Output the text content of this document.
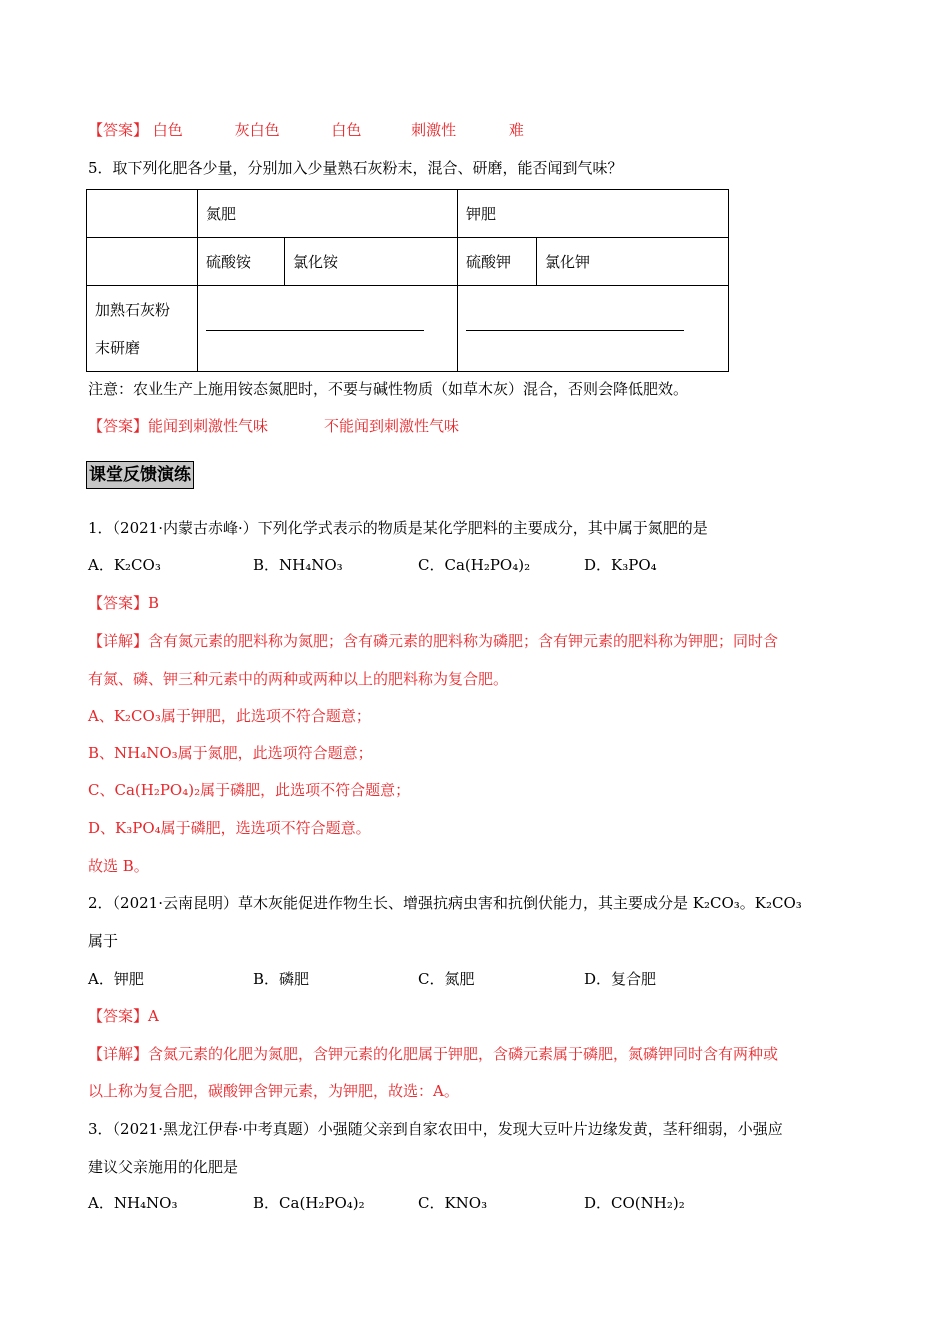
【答案】 白色	灰白色	白色	刺激性	难
5．取下列化肥各少量，分别加入少量熟石灰粉末，混合、研磨，能否闻到气味？
	氮肥		钾肥	
	硫酸铵	氯化铵	硫酸钾	氯化钾

加熟石灰粉
末研磨				

注意：农业生产上施用铵态氮肥时，不要与碱性物质（如草木灰）混合，否则会降低肥效。
【答案】能闻到刺激性气味	不能闻到刺激性气味
课堂反馈演练
1．（2021·内蒙古赤峰·）下列化学式表示的物质是某化学肥料的主要成分，其中属于氮肥的是
A．K₂CO₃	B．NH₄NO₃	C．Ca(H₂PO₄)₂	D．K₃PO₄
【答案】B
【详解】含有氮元素的肥料称为氮肥；含有磷元素的肥料称为磷肥；含有钾元素的肥料称为钾肥；同时含
有氮、磷、钾三种元素中的两种或两种以上的肥料称为复合肥。
A、K₂CO₃属于钾肥，此选项不符合题意；
B、NH₄NO₃属于氮肥，此选项符合题意；
C、Ca(H₂PO₄)₂属于磷肥，此选项不符合题意；
D、K₃PO₄属于磷肥，选选项不符合题意。
故选 B。
2．（2021·云南昆明）草木灰能促进作物生长、增强抗病虫害和抗倒伏能力，其主要成分是 K₂CO₃。K₂CO₃
属于
A．钾肥	B．磷肥	C．氮肥	D．复合肥
【答案】A
【详解】含氮元素的化肥为氮肥，含钾元素的化肥属于钾肥，含磷元素属于磷肥，氮磷钾同时含有两种或
以上称为复合肥，碳酸钾含钾元素，为钾肥，故选：A。
3．（2021·黑龙江伊春·中考真题）小强随父亲到自家农田中，发现大豆叶片边缘发黄，茎秆细弱，小强应
建议父亲施用的化肥是
A．NH₄NO₃	B．Ca(H₂PO₄)₂	C．KNO₃	D．CO(NH₂)₂
